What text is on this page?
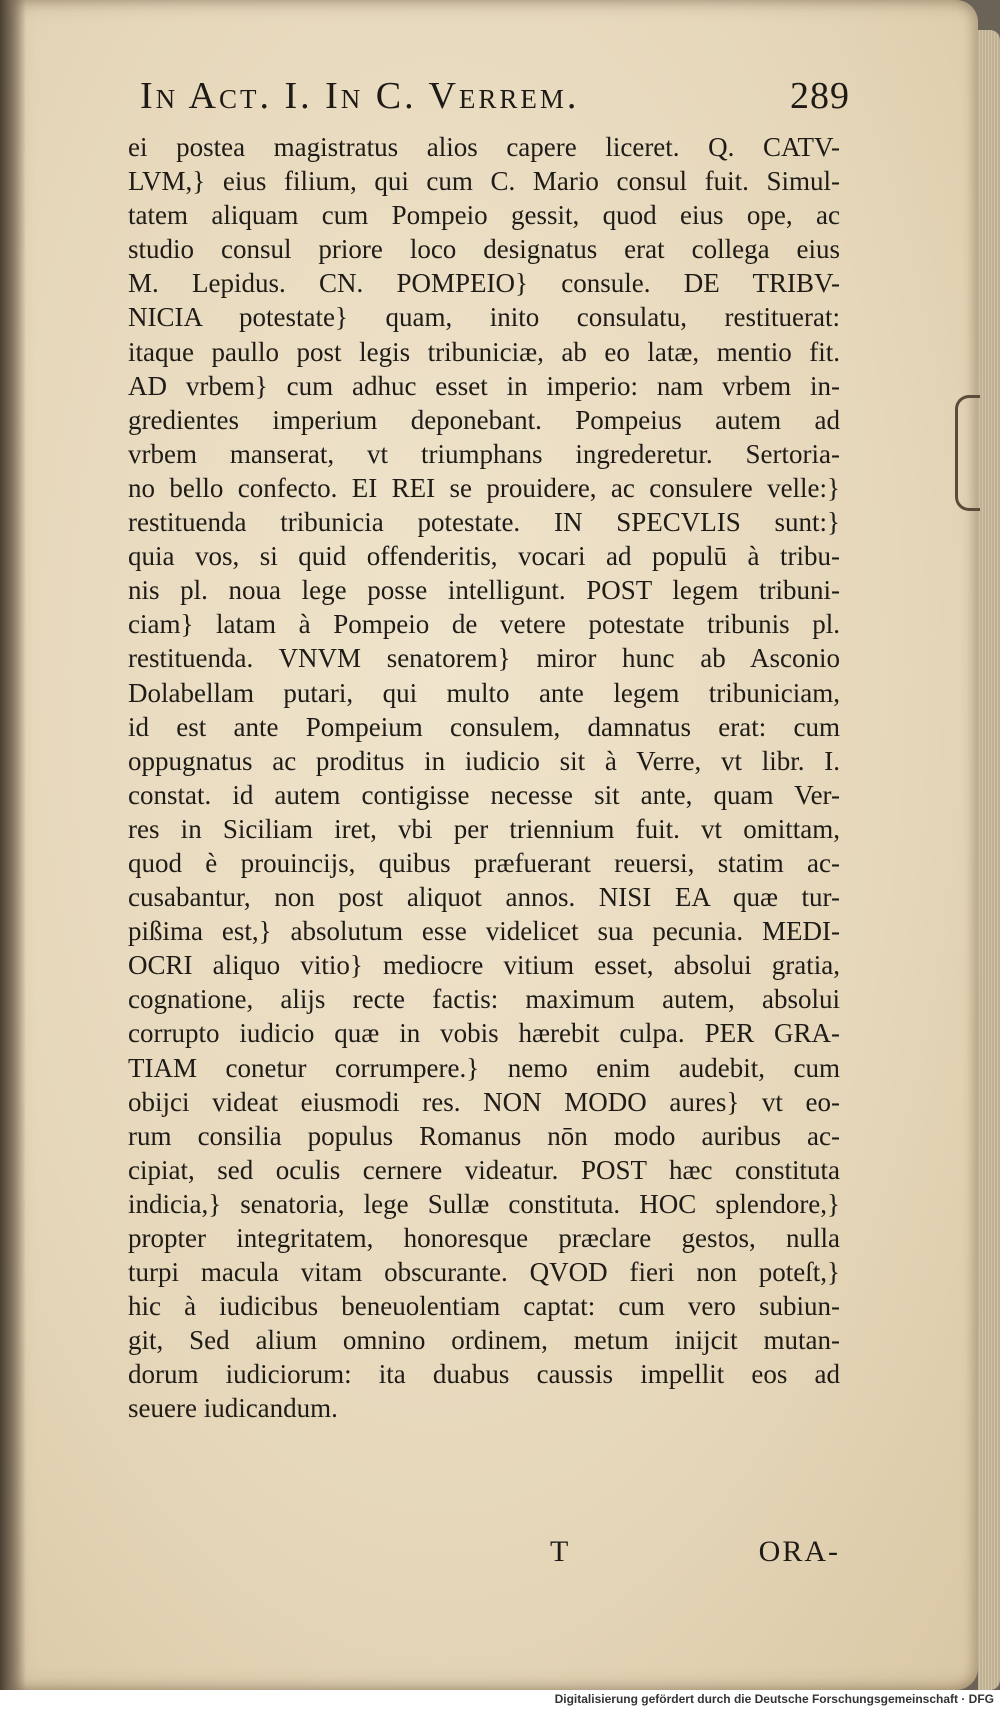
In Act. I. In C. Verrem.	289
ei postea magistratus alios capere liceret. Q. CATV-
LVM,} eius filium, qui cum C. Mario consul fuit. Simul-
tatem aliquam cum Pompeio gessit, quod eius ope, ac
studio consul priore loco designatus erat collega eius
M. Lepidus. CN. POMPEIO} consule. DE TRIBV-
NICIA potestate} quam, inito consulatu, restituerat:
itaque paullo post legis tribuniciæ, ab eo latæ, mentio fit.
AD vrbem} cum adhuc esset in imperio: nam vrbem in-
gredientes imperium deponebant. Pompeius autem ad
vrbem manserat, vt triumphans ingrederetur. Sertoria-
no bello confecto. EI REI se prouidere, ac consulere velle:}
restituenda tribunicia potestate. IN SPECVLIS sunt:}
quia vos, si quid offenderitis, vocari ad populū à tribu-
nis pl. noua lege posse intelligunt. POST legem tribuni-
ciam} latam à Pompeio de vetere potestate tribunis pl.
restituenda. VNVM senatorem} miror hunc ab Asconio
Dolabellam putari, qui multo ante legem tribuniciam,
id est ante Pompeium consulem, damnatus erat: cum
oppugnatus ac proditus in iudicio sit à Verre, vt libr. I.
constat. id autem contigisse necesse sit ante, quam Ver-
res in Siciliam iret, vbi per triennium fuit. vt omittam,
quod è prouincijs, quibus præfuerant reuersi, statim ac-
cusabantur, non post aliquot annos. NISI EA quæ tur-
pißima est,} absolutum esse videlicet sua pecunia. MEDI-
OCRI aliquo vitio} mediocre vitium esset, absolui gratia,
cognatione, alijs recte factis: maximum autem, absolui
corrupto iudicio quæ in vobis hærebit culpa. PER GRA-
TIAM conetur corrumpere.} nemo enim audebit, cum
obijci videat eiusmodi res. NON MODO aures} vt eo-
rum consilia populus Romanus nōn modo auribus ac-
cipiat, sed oculis cernere videatur. POST hæc constituta
indicia,} senatoria, lege Sullæ constituta. HOC splendore,}
propter integritatem, honoresque præclare gestos, nulla
turpi macula vitam obscurante. QVOD fieri non poteſt,}
hic à iudicibus beneuolentiam captat: cum vero subiun-
git, Sed alium omnino ordinem, metum inijcit mutan-
dorum iudiciorum: ita duabus caussis impellit eos ad
seuere iudicandum.
T	ORA-
Digitalisierung gefördert durch die Deutsche Forschungsgemeinschaft · DFG
